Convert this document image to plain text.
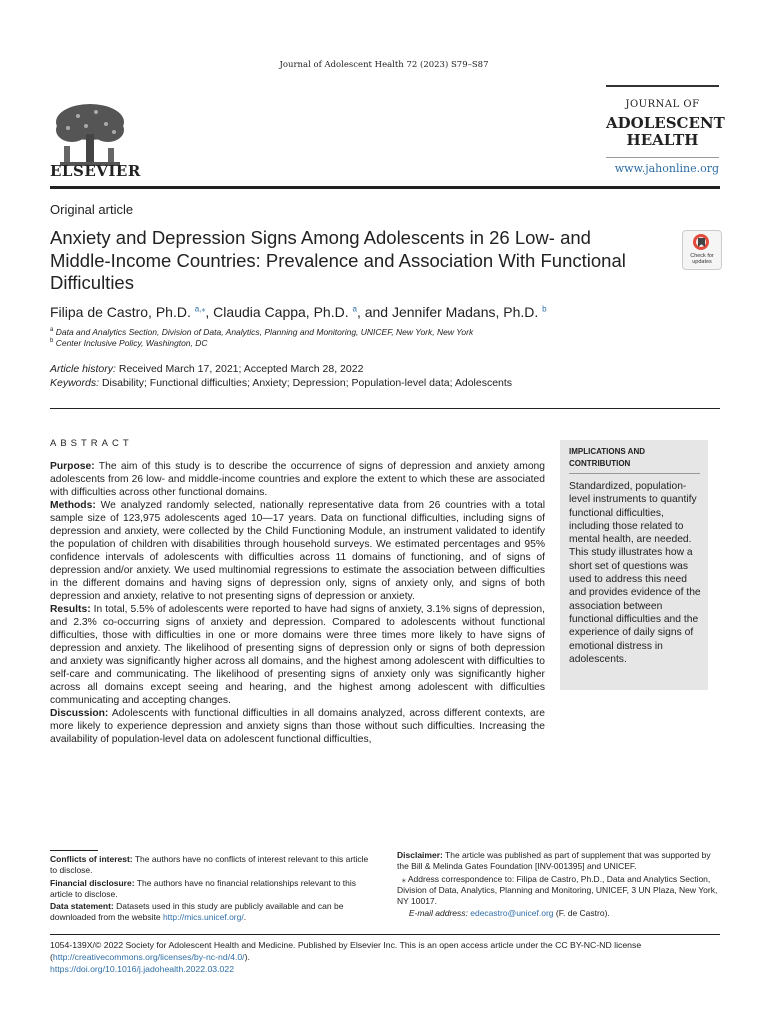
Journal of Adolescent Health 72 (2023) S79–S87
ELSEVIER
JOURNAL OF
ADOLESCENT
HEALTH
www.jahonline.org
Original article
Anxiety and Depression Signs Among Adolescents in 26 Low- and Middle-Income Countries: Prevalence and Association With Functional Difficulties
Check for
updates
Filipa de Castro, Ph.D. $^{a,⁎}$, Claudia Cappa, Ph.D. $^a$, and Jennifer Madans, Ph.D. $^b$
$^a$ Data and Analytics Section, Division of Data, Analytics, Planning and Monitoring, UNICEF, New York, New York
$^b$ Center Inclusive Policy, Washington, DC
Article history: Received March 17, 2021; Accepted March 28, 2022
Keywords: Disability; Functional difficulties; Anxiety; Depression; Population-level data; Adolescents
ABSTRACT

Purpose: The aim of this study is to describe the occurrence of signs of depression and anxiety among adolescents from 26 low- and middle-income countries and explore the extent to which these are associated with difficulties across other functional domains.

Methods: We analyzed randomly selected, nationally representative data from 26 countries with a total sample size of 123,975 adolescents aged 10—17 years. Data on functional difficulties, including signs of depression and anxiety, were collected by the Child Functioning Module, an instrument validated to identify the population of children with disabilities through household surveys. We estimated percentages and 95% confidence intervals of adolescents with difficulties across 11 domains of functioning, and of signs of depression and/or anxiety. We used multinomial regressions to estimate the association between difficulties in the different domains and having signs of depression only, signs of anxiety only, and signs of both depression and anxiety, relative to not presenting signs of depression or anxiety.

Results: In total, 5.5% of adolescents were reported to have had signs of anxiety, 3.1% signs of depression, and 2.3% co-occurring signs of anxiety and depression. Compared to adolescents without functional difficulties, those with difficulties in one or more domains were three times more likely to have signs of depression and anxiety. The likelihood of presenting signs of depression only or signs of both depression and anxiety was significantly higher across all domains, and the highest among adolescent with difficulties to self-care and communicating. The likelihood of presenting signs of anxiety only was significantly higher across all domains except seeing and hearing, and the highest among adolescent with difficulties communicating and accepting changes.

Discussion: Adolescents with functional difficulties in all domains analyzed, across different contexts, are more likely to experience depression and anxiety signs than those without such difficulties. Increasing the availability of population-level data on adolescent functional difficulties,

IMPLICATIONS AND CONTRIBUTION
Standardized, population-level instruments to quantify functional difficulties, including those related to mental health, are needed. This study illustrates how a short set of questions was used to address this need and provides evidence of the association between functional difficulties and the experience of daily signs of emotional distress in adolescents.

Conflicts of interest: The authors have no conflicts of interest relevant to this article to disclose.

Financial disclosure: The authors have no financial relationships relevant to this article to disclose.

Data statement: Datasets used in this study are publicly available and can be downloaded from the website http://mics.unicef.org/.

Disclaimer: The article was published as part of supplement that was supported by the Bill & Melinda Gates Foundation [INV-001395] and UNICEF.

⁎ Address correspondence to: Filipa de Castro, Ph.D., Data and Analytics Section, Division of Data, Analytics, Planning and Monitoring, UNICEF, 3 UN Plaza, New York, NY 10017.

E-mail address: edecastro@unicef.org (F. de Castro).

1054-139X/© 2022 Society for Adolescent Health and Medicine. Published by Elsevier Inc. This is an open access article under the CC BY-NC-ND license (http://creativecommons.org/licenses/by-nc-nd/4.0/).
https://doi.org/10.1016/j.jadohealth.2022.03.022
